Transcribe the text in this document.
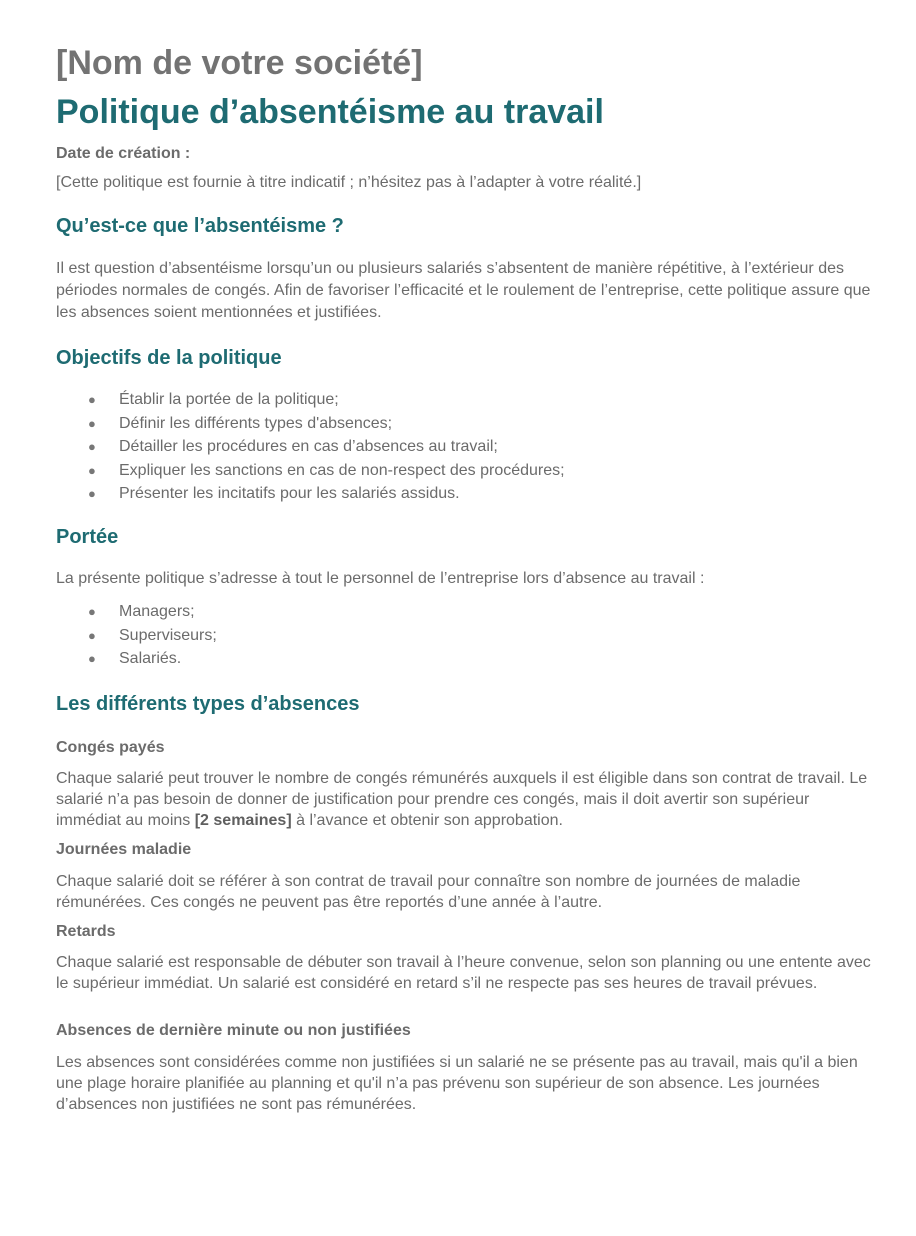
[Nom de votre société]
Politique d’absentéisme au travail
Date de création :
[Cette politique est fournie à titre indicatif ; n’hésitez pas à l’adapter à votre réalité.]
Qu’est-ce que l’absentéisme ?
Il est question d’absentéisme lorsqu’un ou plusieurs salariés s’absentent de manière répétitive, à l’extérieur des périodes normales de congés. Afin de favoriser l’efficacité et le roulement de l’entreprise, cette politique assure que les absences soient mentionnées et justifiées.
Objectifs de la politique
● Établir la portée de la politique;
● Définir les différents types d'absences;
● Détailler les procédures en cas d’absences au travail;
● Expliquer les sanctions en cas de non-respect des procédures;
● Présenter les incitatifs pour les salariés assidus.
Portée
La présente politique s’adresse à tout le personnel de l’entreprise lors d’absence au travail :
● Managers;
● Superviseurs;
● Salariés.
Les différents types d’absences
Congés payés
Chaque salarié peut trouver le nombre de congés rémunérés auxquels il est éligible dans son contrat de travail. Le salarié n’a pas besoin de donner de justification pour prendre ces congés, mais il doit avertir son supérieur immédiat au moins [2 semaines] à l’avance et obtenir son approbation.
Journées maladie
Chaque salarié doit se référer à son contrat de travail pour connaître son nombre de journées de maladie rémunérées. Ces congés ne peuvent pas être reportés d’une année à l’autre.
Retards
Chaque salarié est responsable de débuter son travail à l’heure convenue, selon son planning ou une entente avec le supérieur immédiat. Un salarié est considéré en retard s’il ne respecte pas ses heures de travail prévues.
Absences de dernière minute ou non justifiées
Les absences sont considérées comme non justifiées si un salarié ne se présente pas au travail, mais qu'il a bien une plage horaire planifiée au planning et qu'il n’a pas prévenu son supérieur de son absence. Les journées d’absences non justifiées ne sont pas rémunérées.
